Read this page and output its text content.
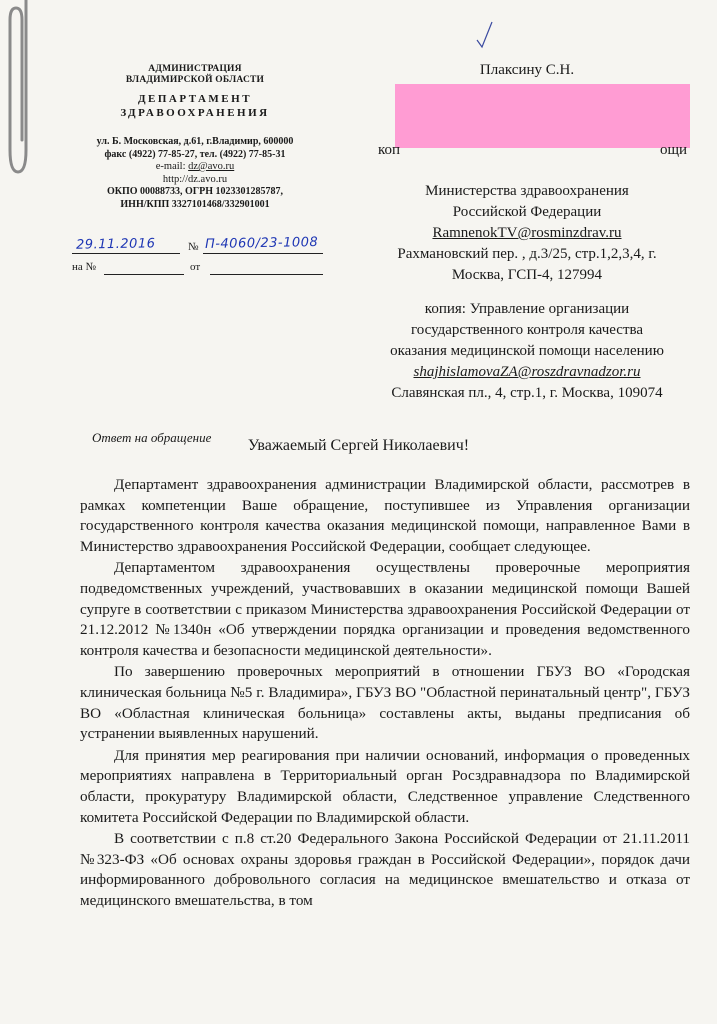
АДМИНИСТРАЦИЯ
ВЛАДИМИРСКОЙ ОБЛАСТИ
ДЕПАРТАМЕНТ
ЗДРАВООХРАНЕНИЯ
ул. Б. Московская, д.61, г.Владимир, 600000
факс (4922) 77-85-27, тел. (4922) 77-85-31
e-mail: dz@avo.ru
http://dz.avo.ru
ОКПО 00088733, ОГРН 1023301285787,
ИНН/КПП 3327101468/332901001
29.11.2016	№ П-4060/23-1008
на №	от
Плаксину С.Н.
коп	ощи
Министерства здравоохранения
Российской Федерации
RamnenokTV@rosminzdrav.ru
Рахмановский пер. , д.3/25, стр.1,2,3,4, г.
Москва, ГСП-4, 127994
копия: Управление организации
государственного контроля качества
оказания медицинской помощи населению
shajhislamovaZA@roszdravnadzor.ru
Славянская пл., 4, стр.1, г. Москва, 109074
Ответ на обращение	Уважаемый Сергей Николаевич!

Департамент здравоохранения администрации Владимирской области, рассмотрев в рамках компетенции Ваше обращение, поступившее из Управления организации государственного контроля качества оказания медицинской помощи, направленное Вами в Министерство здравоохранения Российской Федерации, сообщает следующее.

Департаментом здравоохранения осуществлены проверочные мероприятия подведомственных учреждений, участвовавших в оказании медицинской помощи Вашей супруге в соответствии с приказом Министерства здравоохранения Российской Федерации от 21.12.2012 №1340н «Об утверждении порядка организации и проведения ведомственного контроля качества и безопасности медицинской деятельности».

По завершению проверочных мероприятий в отношении ГБУЗ ВО «Городская клиническая больница №5 г. Владимира», ГБУЗ ВО "Областной перинатальный центр", ГБУЗ ВО «Областная клиническая больница» составлены акты, выданы предписания об устранении выявленных нарушений.

Для принятия мер реагирования при наличии оснований, информация о проведенных мероприятиях направлена в Территориальный орган Росздравнадзора по Владимирской области, прокуратуру Владимирской области, Следственное управление Следственного комитета Российской Федерации по Владимирской области.

В соответствии с п.8 ст.20 Федерального Закона Российской Федерации от 21.11.2011 №323-ФЗ «Об основах охраны здоровья граждан в Российской Федерации», порядок дачи информированного добровольного согласия на медицинское вмешательство и отказа от медицинского вмешательства, в том
